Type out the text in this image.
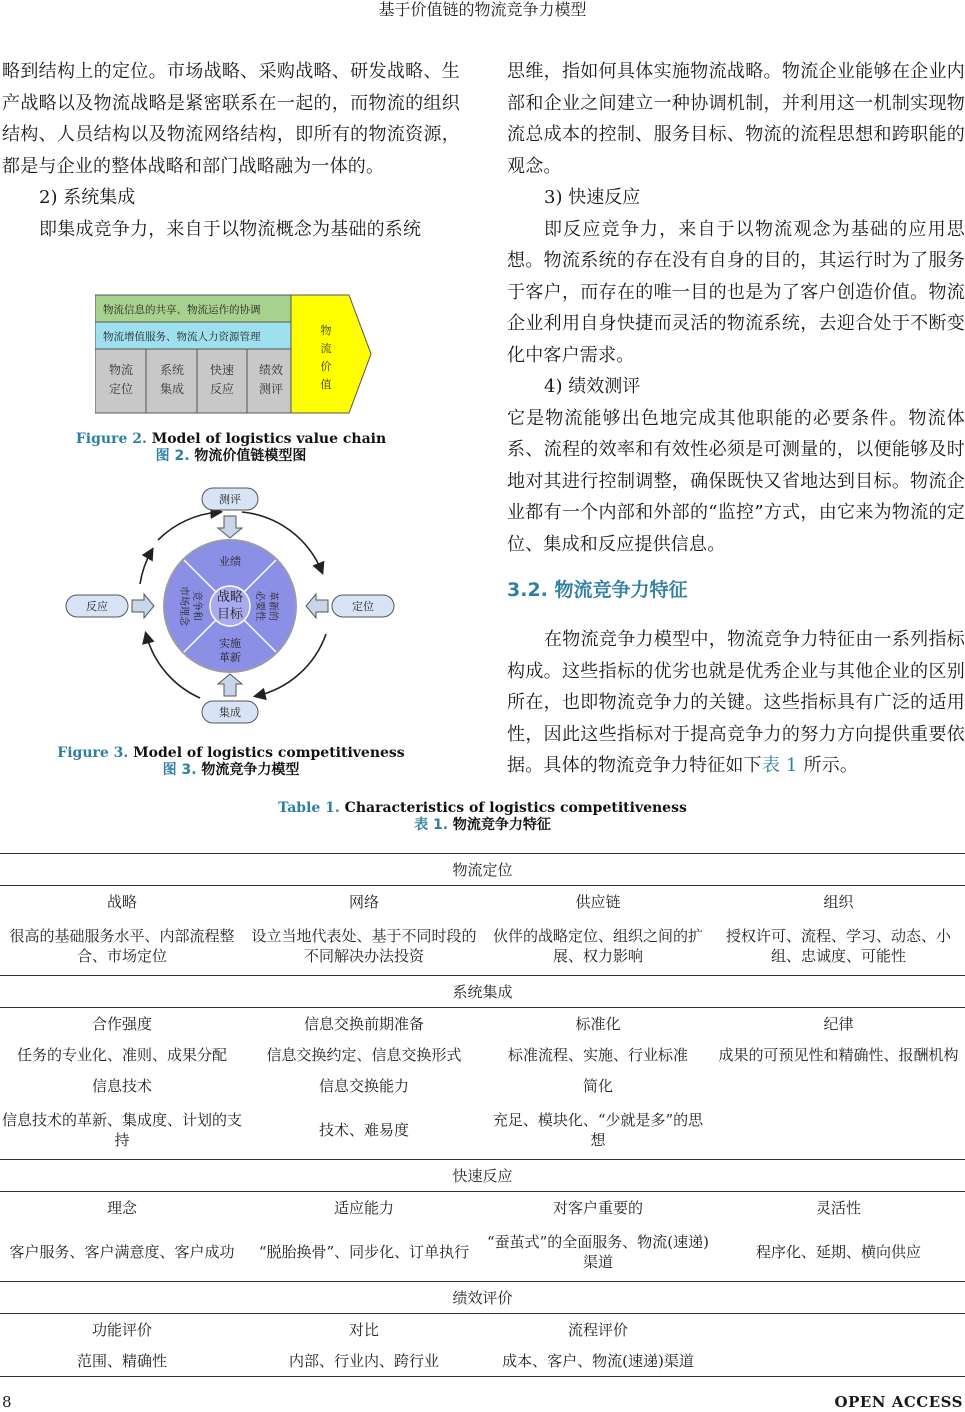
基于价值链的物流竞争力模型

略到结构上的定位。市场战略、采购战略、研发战略、生产战略以及物流战略是紧密联系在一起的，而物流的组织结构、人员结构以及物流网络结构，即所有的物流资源，都是与企业的整体战略和部门战略融为一体的。

2) 系统集成

即集成竞争力，来自于以物流概念为基础的系统

物流信息的共享、物流运作的协调
物流增值服务、物流人力资源管理
物流
定位
系统
集成
快速
反应
绩效
测评
物
流
价
值
Figure 2. Model of logistics value chain
图 2. 物流价值链模型图
战略
目标
业绩
实施
革新
竞争和
市场理念	革新的
必要性
测评
反应	定位
集成
Figure 3. Model of logistics competitiveness
图 3. 物流竞争力模型

思维，指如何具体实施物流战略。物流企业能够在企业内部和企业之间建立一种协调机制，并利用这一机制实现物流总成本的控制、服务目标、物流的流程思想和跨职能的观念。

3) 快速反应

即反应竞争力，来自于以物流观念为基础的应用思想。物流系统的存在没有自身的目的，其运行时为了服务于客户，而存在的唯一目的也是为了客户创造价值。物流企业利用自身快捷而灵活的物流系统，去迎合处于不断变化中客户需求。

4) 绩效测评

它是物流能够出色地完成其他职能的必要条件。物流体系、流程的效率和有效性必须是可测量的，以便能够及时地对其进行控制调整，确保既快又省地达到目标。物流企业都有一个内部和外部的“监控”方式，由它来为物流的定位、集成和反应提供信息。

3.2. 物流竞争力特征

在物流竞争力模型中，物流竞争力特征由一系列指标构成。这些指标的优劣也就是优秀企业与其他企业的区别所在，也即物流竞争力的关键。这些指标具有广泛的适用性，因此这些指标对于提高竞争力的努力方向提供重要依据。具体的物流竞争力特征如下表 1 所示。

Table 1. Characteristics of logistics competitiveness
表 1. 物流竞争力特征
物流定位			
战略	网络	供应链	组织
很高的基础服务水平、内部流程整合、市场定位	设立当地代表处、基于不同时段的不同解决办法投资	伙伴的战略定位、组织之间的扩展、权力影响	授权许可、流程、学习、动态、小组、忠诚度、可能性
系统集成			
合作强度	信息交换前期准备	标准化	纪律
任务的专业化、准则、成果分配	信息交换约定、信息交换形式	标准流程、实施、行业标准	成果的可预见性和精确性、报酬机构
信息技术	信息交换能力	简化	
信息技术的革新、集成度、计划的支持	技术、难易度	充足、模块化、“少就是多”的思想	
快速反应			
理念	适应能力	对客户重要的	灵活性
客户服务、客户满意度、客户成功	“脱胎换骨”、同步化、订单执行	“蚕茧式”的全面服务、物流(速递)渠道	程序化、延期、横向供应
绩效评价			
功能评价	对比	流程评价	
范围、精确性	内部、行业内、跨行业	成本、客户、物流(速递)渠道	
8	OPEN ACCESS
